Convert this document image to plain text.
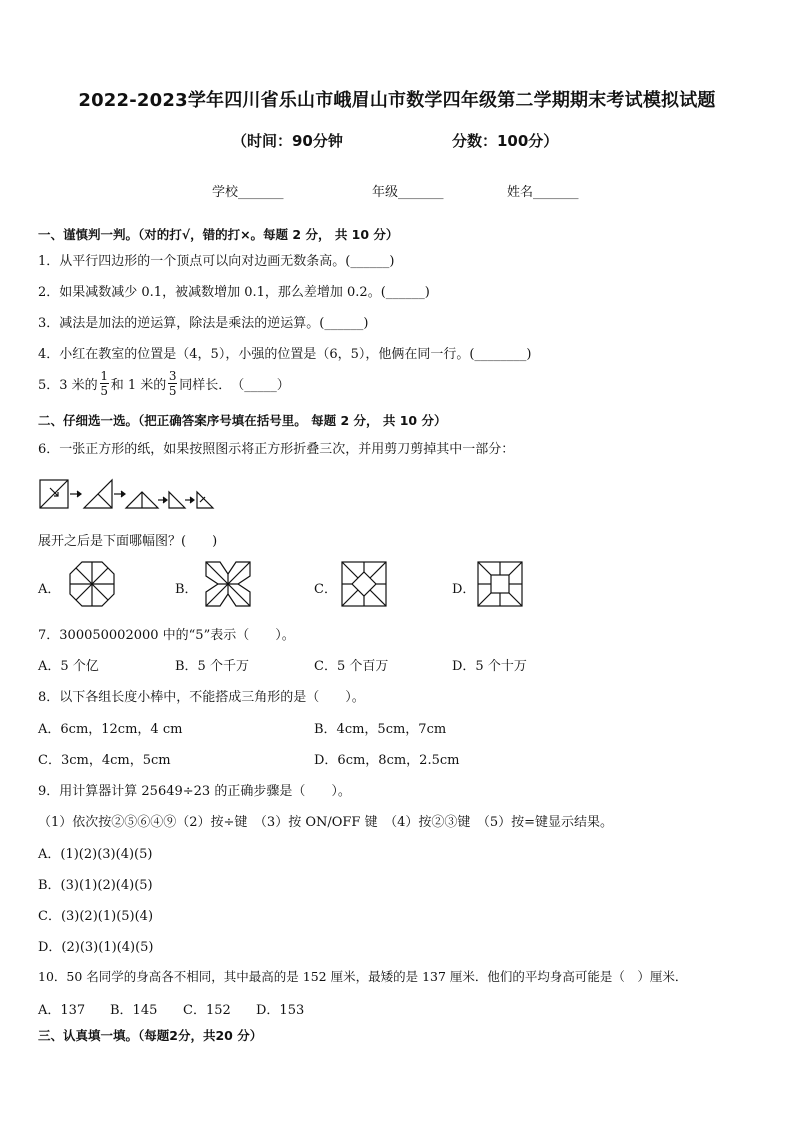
2022-2023学年四川省乐山市峨眉山市数学四年级第二学期期末考试模拟试题
（时间：90分钟	分数：100分）
学校_______	年级_______	姓名_______
一、谨慎判一判。（对的打√，错的打×。每题 2 分， 共 10 分）
1．从平行四边形的一个顶点可以向对边画无数条高。(______)
2．如果减数减少 0.1，被减数增加 0.1，那么差增加 0.2。(______)
3．减法是加法的逆运算，除法是乘法的逆运算。(______)
4．小红在教室的位置是（4，5），小强的位置是（6，5），他俩在同一行。(________)
5．3 米的 $\frac{1}{5}$ 和 1 米的 $\frac{3}{5}$ 同样长．　（_____）
二、仔细选一选。（把正确答案序号填在括号里。 每题 2 分， 共 10 分）
6．一张正方形的纸，如果按照图示将正方形折叠三次，并用剪刀剪掉其中一部分：
展开之后是下面哪幅图？(　　)
A．	B．	C．	D．
7．300050002000 中的“5”表示（　　）。
A．5 个亿	B．5 个千万	C．5 个百万	D．5 个十万
8．以下各组长度小棒中，不能搭成三角形的是（　　）。
A．6cm，12cm，4 cm	B．4cm，5cm，7cm
C．3cm，4cm，5cm	D．6cm，8cm，2.5cm
9．用计算器计算 25649÷23 的正确步骤是（　　）。
（1）依次按②⑤⑥④⑨（2）按÷键　（3）按 ON/OFF 键　（4）按②③键　（5）按=键显示结果。
A．(1)(2)(3)(4)(5)
B．(3)(1)(2)(4)(5)
C．(3)(2)(1)(5)(4)
D．(2)(3)(1)(4)(5)
10．50 名同学的身高各不相同，其中最高的是 152 厘米，最矮的是 137 厘米．他们的平均身高可能是（　）厘米．
A．137 B．145 C．152 D．153
三、认真填一填。（每题2分，共20 分）
